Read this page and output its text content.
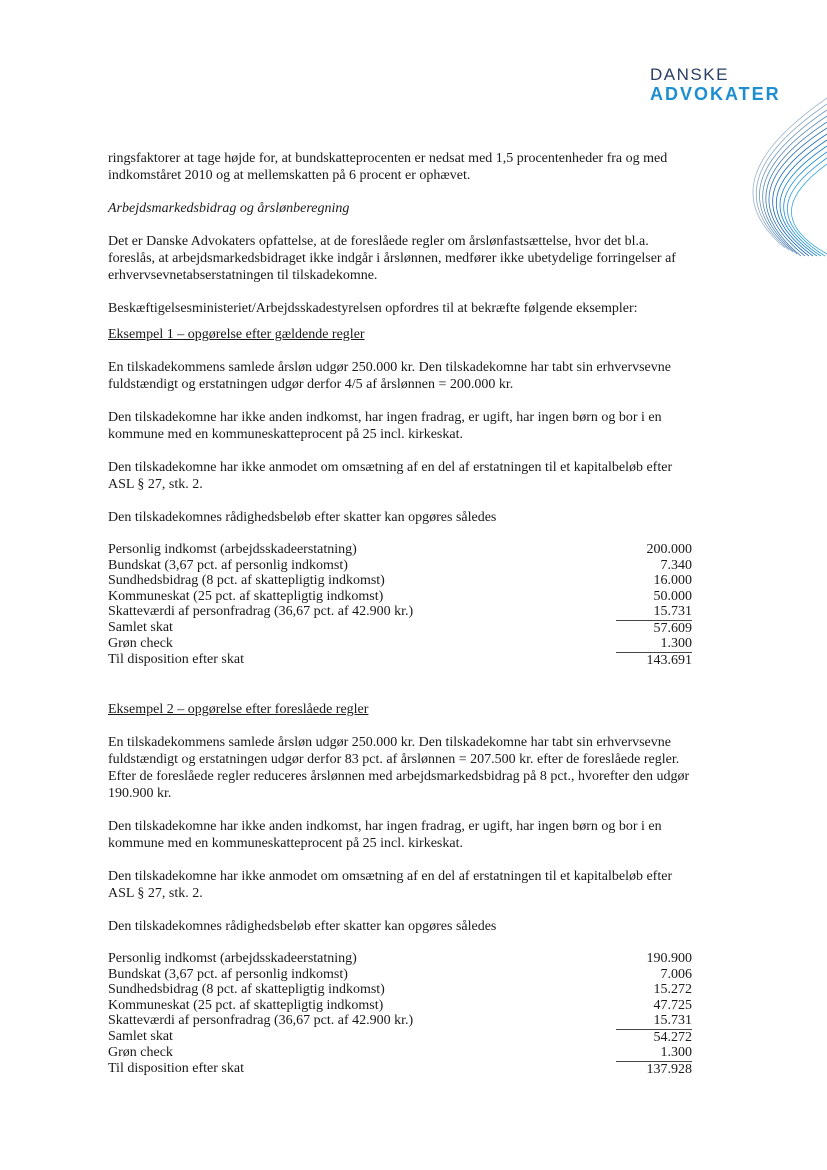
DANSKE
ADVOKATER

ringsfaktorer at tage højde for, at bundskatteprocenten er nedsat med 1,5 procentenheder fra og med indkomståret 2010 og at mellemskatten på 6 procent er ophævet.

Arbejdsmarkedsbidrag og årslønberegning

Det er Danske Advokaters opfattelse, at de foreslåede regler om årslønfastsættelse, hvor det bl.a. foreslås, at arbejdsmarkedsbidraget ikke indgår i årslønnen, medfører ikke ubetydelige forringelser af erhvervsevnetabserstatningen til tilskadekomne.

Beskæftigelsesministeriet/Arbejdsskadestyrelsen opfordres til at bekræfte følgende eksempler:

Eksempel 1 – opgørelse efter gældende regler

En tilskadekommens samlede årsløn udgør 250.000 kr. Den tilskadekomne har tabt sin erhvervsevne fuldstændigt og erstatningen udgør derfor 4/5 af årslønnen = 200.000 kr.

Den tilskadekomne har ikke anden indkomst, har ingen fradrag, er ugift, har ingen børn og bor i en kommune med en kommuneskatteprocent på 25 incl. kirkeskat.

Den tilskadekomne har ikke anmodet om omsætning af en del af erstatningen til et kapitalbeløb efter ASL § 27, stk. 2.

Den tilskadekomnes rådighedsbeløb efter skatter kan opgøres således

Personlig indkomst (arbejdsskadeerstatning)	200.000
Bundskat (3,67 pct. af personlig indkomst)	7.340
Sundhedsbidrag (8 pct. af skattepligtig indkomst)	16.000
Kommuneskat (25 pct. af skattepligtig indkomst)	50.000
Skatteværdi af personfradrag (36,67 pct. af 42.900 kr.)	15.731
Samlet skat	57.609
Grøn check	1.300
Til disposition efter skat	143.691

Eksempel 2 – opgørelse efter foreslåede regler

En tilskadekommens samlede årsløn udgør 250.000 kr. Den tilskadekomne har tabt sin erhvervsevne fuldstændigt og erstatningen udgør derfor 83 pct. af årslønnen = 207.500 kr. efter de foreslåede regler. Efter de foreslåede regler reduceres årslønnen med arbejdsmarkedsbidrag på 8 pct., hvorefter den udgør 190.900 kr.

Den tilskadekomne har ikke anden indkomst, har ingen fradrag, er ugift, har ingen børn og bor i en kommune med en kommuneskatteprocent på 25 incl. kirkeskat.

Den tilskadekomne har ikke anmodet om omsætning af en del af erstatningen til et kapitalbeløb efter ASL § 27, stk. 2.

Den tilskadekomnes rådighedsbeløb efter skatter kan opgøres således

Personlig indkomst (arbejdsskadeerstatning)	190.900
Bundskat (3,67 pct. af personlig indkomst)	7.006
Sundhedsbidrag (8 pct. af skattepligtig indkomst)	15.272
Kommuneskat (25 pct. af skattepligtig indkomst)	47.725
Skatteværdi af personfradrag (36,67 pct. af 42.900 kr.)	15.731
Samlet skat	54.272
Grøn check	1.300
Til disposition efter skat	137.928
